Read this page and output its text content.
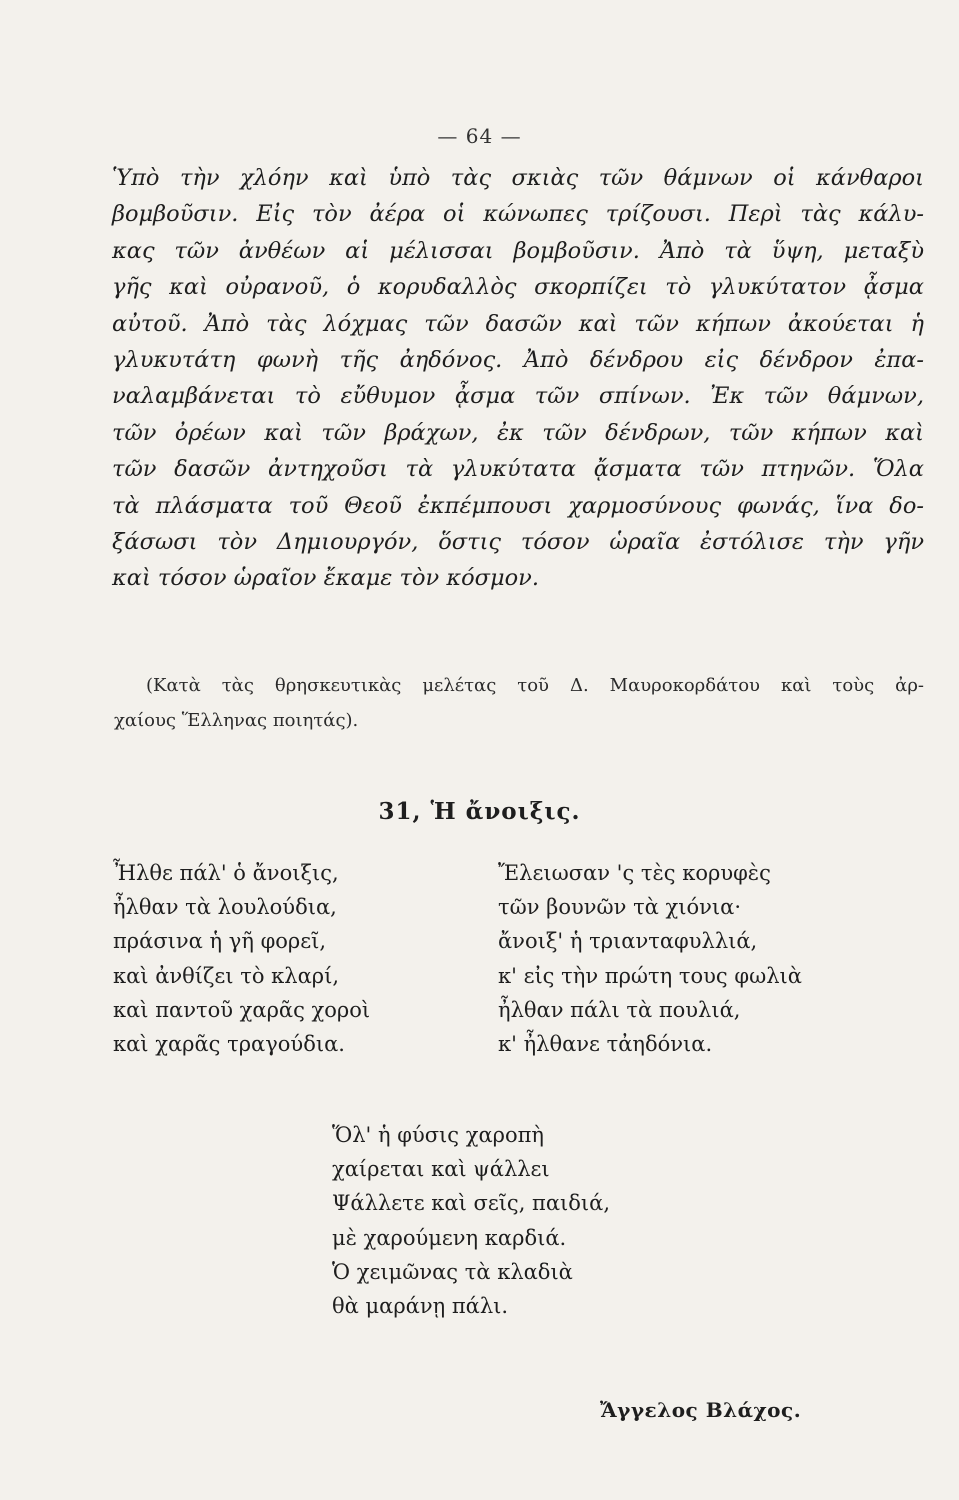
— 64 —
Ὑπὸ τὴν χλόην καὶ ὑπὸ τὰς σκιὰς τῶν θάμνων οἱ κάνθαροι
βομβοῦσιν. Εἰς τὸν ἀέρα οἱ κώνωπες τρίζουσι. Περὶ τὰς κάλυ-
κας τῶν ἀνθέων αἱ μέλισσαι βομβοῦσιν. Ἀπὸ τὰ ὕψη, μεταξὺ
γῆς καὶ οὐρανοῦ, ὁ κορυδαλλὸς σκορπίζει τὸ γλυκύτατον ᾆσμα
αὐτοῦ. Ἀπὸ τὰς λόχμας τῶν δασῶν καὶ τῶν κήπων ἀκούεται ἡ
γλυκυτάτη φωνὴ τῆς ἀηδόνος. Ἀπὸ δένδρου εἰς δένδρον ἐπα-
ναλαμβάνεται τὸ εὔθυμον ᾆσμα τῶν σπίνων. Ἐκ τῶν θάμνων,
τῶν ὀρέων καὶ τῶν βράχων, ἐκ τῶν δένδρων, τῶν κήπων καὶ
τῶν δασῶν ἀντηχοῦσι τὰ γλυκύτατα ᾄσματα τῶν πτηνῶν. Ὅλα
τὰ πλάσματα τοῦ Θεοῦ ἐκπέμπουσι χαρμοσύνους φωνάς, ἵνα δο-
ξάσωσι τὸν Δημιουργόν, ὅστις τόσον ὡραῖα ἐστόλισε τὴν γῆν
καὶ τόσον ὡραῖον ἔκαμε τὸν κόσμον.
(Κατὰ τὰς θρησκευτικὰς μελέτας τοῦ Δ. Μαυροκορδάτου καὶ τοὺς ἀρ-
χαίους Ἕλληνας ποιητάς).
31, Ἡ ἄνοιξις.
Ἦλθε πάλ' ὁ ἄνοιξις,
ἦλθαν τὰ λουλούδια,
πράσινα ἡ γῆ φορεῖ,
καὶ ἀνθίζει τὸ κλαρί,
καὶ παντοῦ χαρᾶς χοροὶ
καὶ χαρᾶς τραγούδια.
Ἔλειωσαν 'ς τὲς κορυφὲς
τῶν βουνῶν τὰ χιόνια·
ἄνοιξ' ἡ τριανταφυλλιά,
κ' εἰς τὴν πρώτη τους φωλιὰ
ἦλθαν πάλι τὰ πουλιά,
κ' ἦλθανε τἀηδόνια.
Ὅλ' ἡ φύσις χαροπὴ
χαίρεται καὶ ψάλλει
Ψάλλετε καὶ σεῖς, παιδιά,
μὲ χαρούμενη καρδιά.
Ὁ χειμῶνας τὰ κλαδιὰ
θὰ μαράνῃ πάλι.
Ἄγγελος Βλάχος.
